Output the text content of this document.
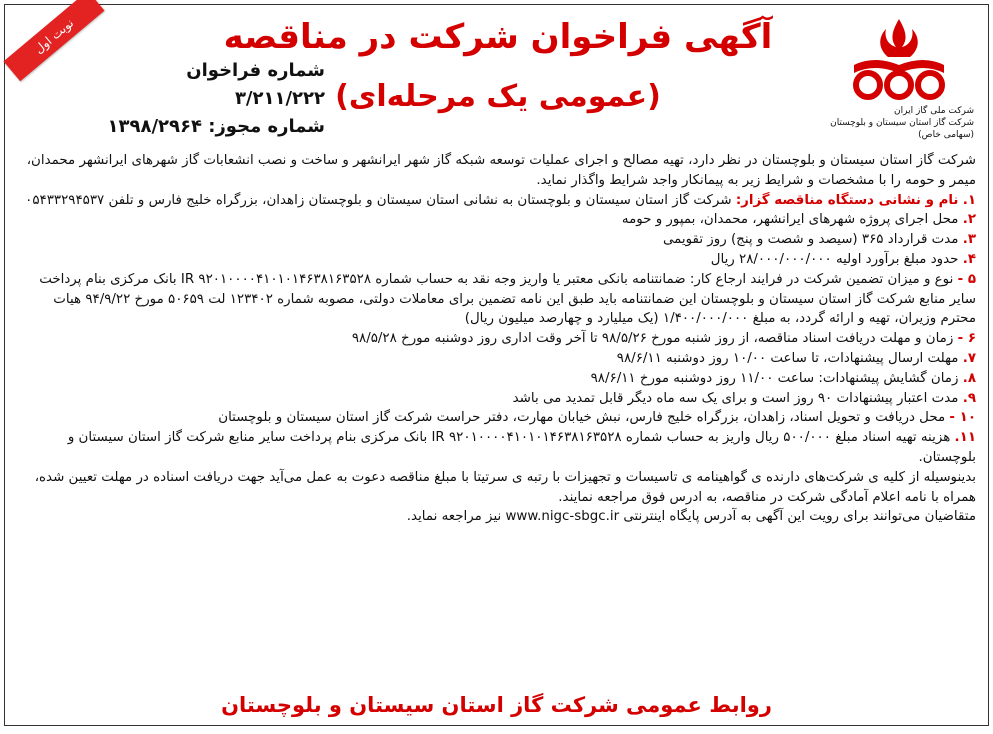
نوبت اول
شرکت ملی گاز ایران
شرکت گاز استان سیستان و بلوچستان (سهامی خاص)
آگهی فراخوان شرکت در مناقصه
(عمومی یک مرحله‌ای)
شماره فراخوان ۳/۲۱۱/۲۲۲
شماره مجوز: ۱۳۹۸/۲۹۶۴

شرکت گاز استان سیستان و بلوچستان در نظر دارد، تهیه مصالح و اجرای عملیات توسعه شبکه گاز شهر ایرانشهر و ساخت و نصب انشعابات گاز شهرهای ایرانشهر محمدان، میمر و حومه را با مشخصات و شرایط زیر به پیمانکار واجد شرایط واگذار نماید.

۱. نام و نشانی دستگاه مناقصه گزار: شرکت گاز استان سیستان و بلوچستان به نشانی استان سیستان و بلوچستان زاهدان، بزرگراه خلیج فارس و تلفن ۰۵۴۳۳۲۹۴۵۳۷

۲. محل اجرای پروژه شهرهای ایرانشهر، محمدان، بمپور و حومه

۳. مدت قرارداد ۳۶۵ (سیصد و شصت و پنج) روز تقویمی

۴. حدود مبلغ برآورد اولیه ۲۸/۰۰۰/۰۰۰/۰۰۰ ریال

۵ - نوع و میزان تضمین شرکت در فرایند ارجاع کار: ضمانتنامه بانکی معتبر یا واریز وجه نقد به حساب شماره IR ۹۲۰۱۰۰۰۰۴۱۰۱۰۱۴۶۳۸۱۶۳۵۲۸ بانک مرکزی بنام پرداخت سایر منابع شرکت گاز استان سیستان و بلوچستان این ضمانتنامه باید طبق این نامه تضمین برای معاملات دولتی، مصوبه شماره ۱۲۳۴۰۲ لت ۵۰۶۵۹ مورخ ۹۴/۹/۲۲ هیات محترم وزیران، تهیه و ارائه گردد، به مبلغ ۱/۴۰۰/۰۰۰/۰۰۰ (یک میلیارد و چهارصد میلیون ریال)

۶ - زمان و مهلت دریافت اسناد مناقصه، از روز شنبه مورخ ۹۸/۵/۲۶ تا آخر وقت اداری روز دوشنبه مورخ ۹۸/۵/۲۸

۷. مهلت ارسال پیشنهادات، تا ساعت ۱۰/۰۰ روز دوشنبه ۹۸/۶/۱۱

۸. زمان گشایش پیشنهادات: ساعت ۱۱/۰۰ روز دوشنبه مورخ ۹۸/۶/۱۱

۹. مدت اعتبار پیشنهادات ۹۰ روز است و برای یک سه ماه دیگر قابل تمدید می باشد

۱۰ - محل دریافت و تحویل اسناد، زاهدان، بزرگراه خلیج فارس، نبش خیابان مهارت، دفتر حراست شرکت گاز استان سیستان و بلوچستان

۱۱. هزینه تهیه اسناد مبلغ ۵۰۰/۰۰۰ ریال واریز به حساب شماره IR ۹۲۰۱۰۰۰۰۴۱۰۱۰۱۴۶۳۸۱۶۳۵۲۸ بانک مرکزی بنام پرداخت سایر منابع شرکت گاز استان سیستان و بلوچستان.

بدینوسیله از کلیه ی شرکت‌های دارنده ی گواهینامه ی تاسیسات و تجهیزات با رتبه ی سرتیتا با مبلغ مناقصه دعوت به عمل می‌آید جهت دریافت اسناده در مهلت تعیین شده، همراه با نامه اعلام آمادگی شرکت در مناقصه، به ادرس فوق مراجعه نمایند.

متقاضیان می‌توانند برای رویت این آگهی به آدرس پایگاه اینترنتی www.nigc-sbgc.ir نیز مراجعه نماید.

روابط عمومی شرکت گاز استان سیستان و بلوچستان
